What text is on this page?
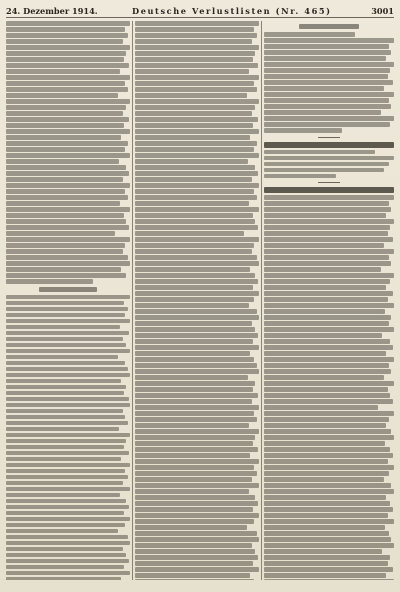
24. Dezember 1914.	Deutsche Verlustlisten (Nr. 465)	3001
